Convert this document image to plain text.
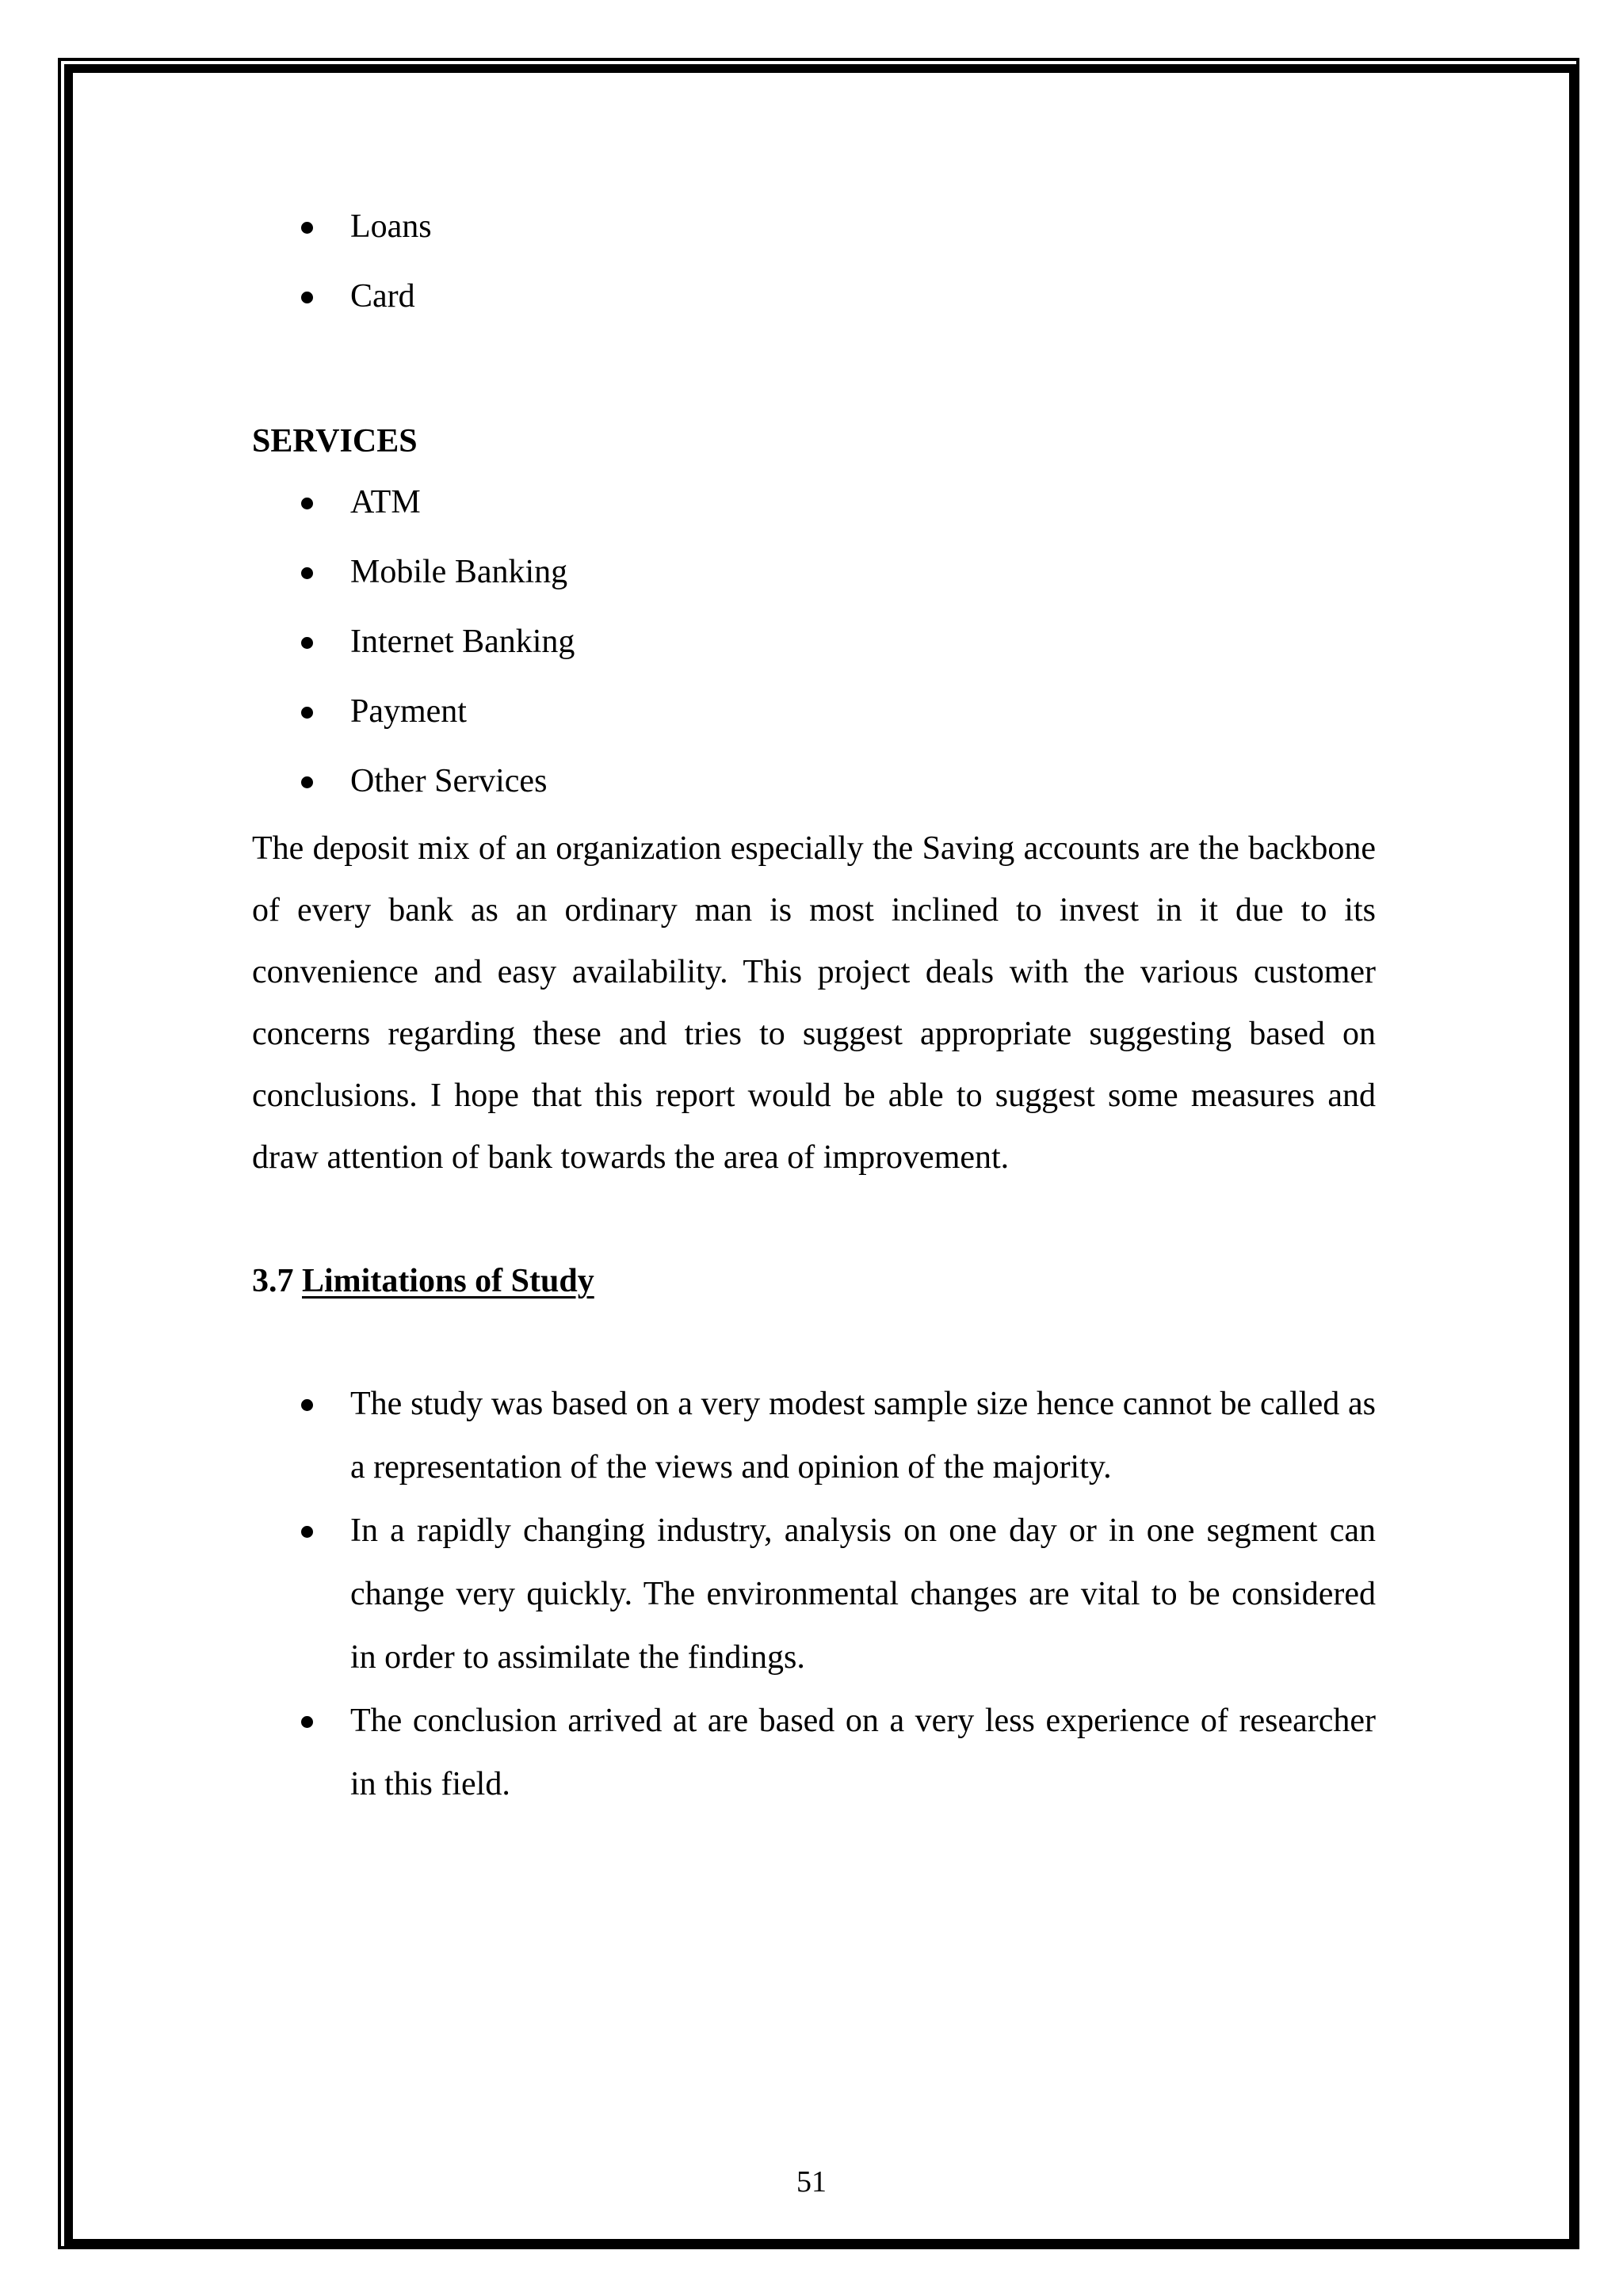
Loans
Card
SERVICES
ATM
Mobile Banking
Internet Banking
Payment
Other Services

The deposit mix of an organization especially the Saving accounts are the backbone of every bank as an ordinary man is most inclined to invest in it due to its convenience and easy availability. This project deals with the various customer concerns regarding these and tries to suggest appropriate suggesting based on conclusions. I hope that this report would be able to suggest some measures and draw attention of bank towards the area of improvement.

3.7 Limitations of Study
The study was based on a very modest sample size hence cannot be called as a representation of the views and opinion of the majority.
In a rapidly changing industry, analysis on one day or in one segment can change very quickly. The environmental changes are vital to be considered in order to assimilate the findings.
The conclusion arrived at are based on a very less experience of researcher in this field.
51
